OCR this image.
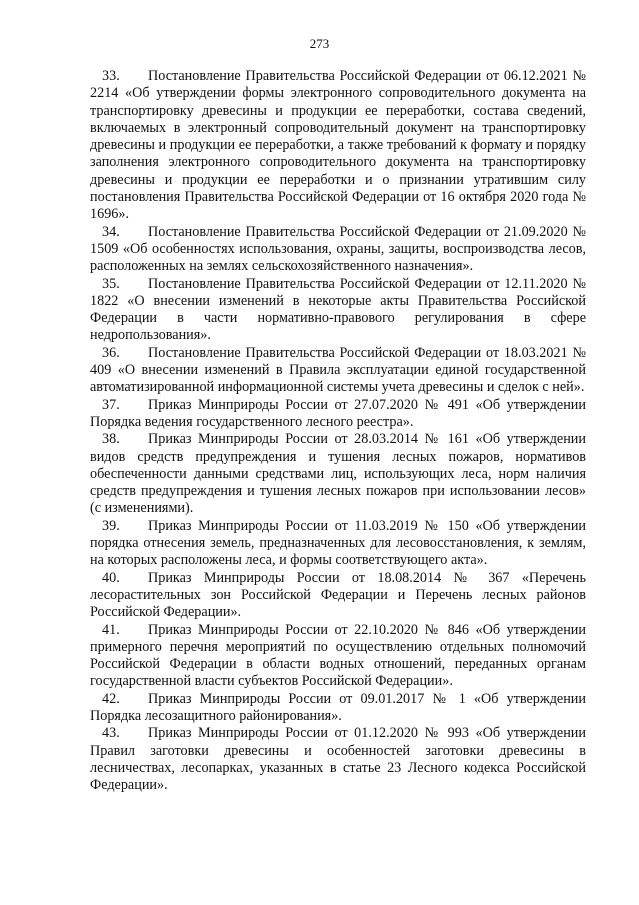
273

33. Постановление Правительства Российской Федерации от 06.12.2021 № 2214 «Об утверждении формы электронного сопроводительного документа на транспортировку древесины и продукции ее переработки, состава сведений, включаемых в электронный сопроводительный документ на транспортировку древесины и продукции ее переработки, а также требований к формату и порядку заполнения электронного сопроводительного документа на транспортировку древесины и продукции ее переработки и о признании утратившим силу постановления Правительства Российской Федерации от 16 октября 2020 года № 1696».

34. Постановление Правительства Российской Федерации от 21.09.2020 № 1509 «Об особенностях использования, охраны, защиты, воспроизводства лесов, расположенных на землях сельскохозяйственного назначения».

35. Постановление Правительства Российской Федерации от 12.11.2020 № 1822 «О внесении изменений в некоторые акты Правительства Российской Федерации в части нормативно-правового регулирования в сфере недропользования».

36. Постановление Правительства Российской Федерации от 18.03.2021 № 409 «О внесении изменений в Правила эксплуатации единой государственной автоматизированной информационной системы учета древесины и сделок с ней».

37. Приказ Минприроды России от 27.07.2020 № 491 «Об утверждении Порядка ведения государственного лесного реестра».

38. Приказ Минприроды России от 28.03.2014 № 161 «Об утверждении видов средств предупреждения и тушения лесных пожаров, нормативов обеспеченности данными средствами лиц, использующих леса, норм наличия средств предупреждения и тушения лесных пожаров при использовании лесов» (с изменениями).

39. Приказ Минприроды России от 11.03.2019 № 150 «Об утверждении порядка отнесения земель, предназначенных для лесовосстановления, к землям, на которых расположены леса, и формы соответствующего акта».

40. Приказ Минприроды России от 18.08.2014 № 367 «Перечень лесорастительных зон Российской Федерации и Перечень лесных районов Российской Федерации».

41. Приказ Минприроды России от 22.10.2020 № 846 «Об утверждении примерного перечня мероприятий по осуществлению отдельных полномочий Российской Федерации в области водных отношений, переданных органам государственной власти субъектов Российской Федерации».

42. Приказ Минприроды России от 09.01.2017 № 1 «Об утверждении Порядка лесозащитного районирования».

43. Приказ Минприроды России от 01.12.2020 № 993 «Об утверждении Правил заготовки древесины и особенностей заготовки древесины в лесничествах, лесопарках, указанных в статье 23 Лесного кодекса Российской Федерации».
